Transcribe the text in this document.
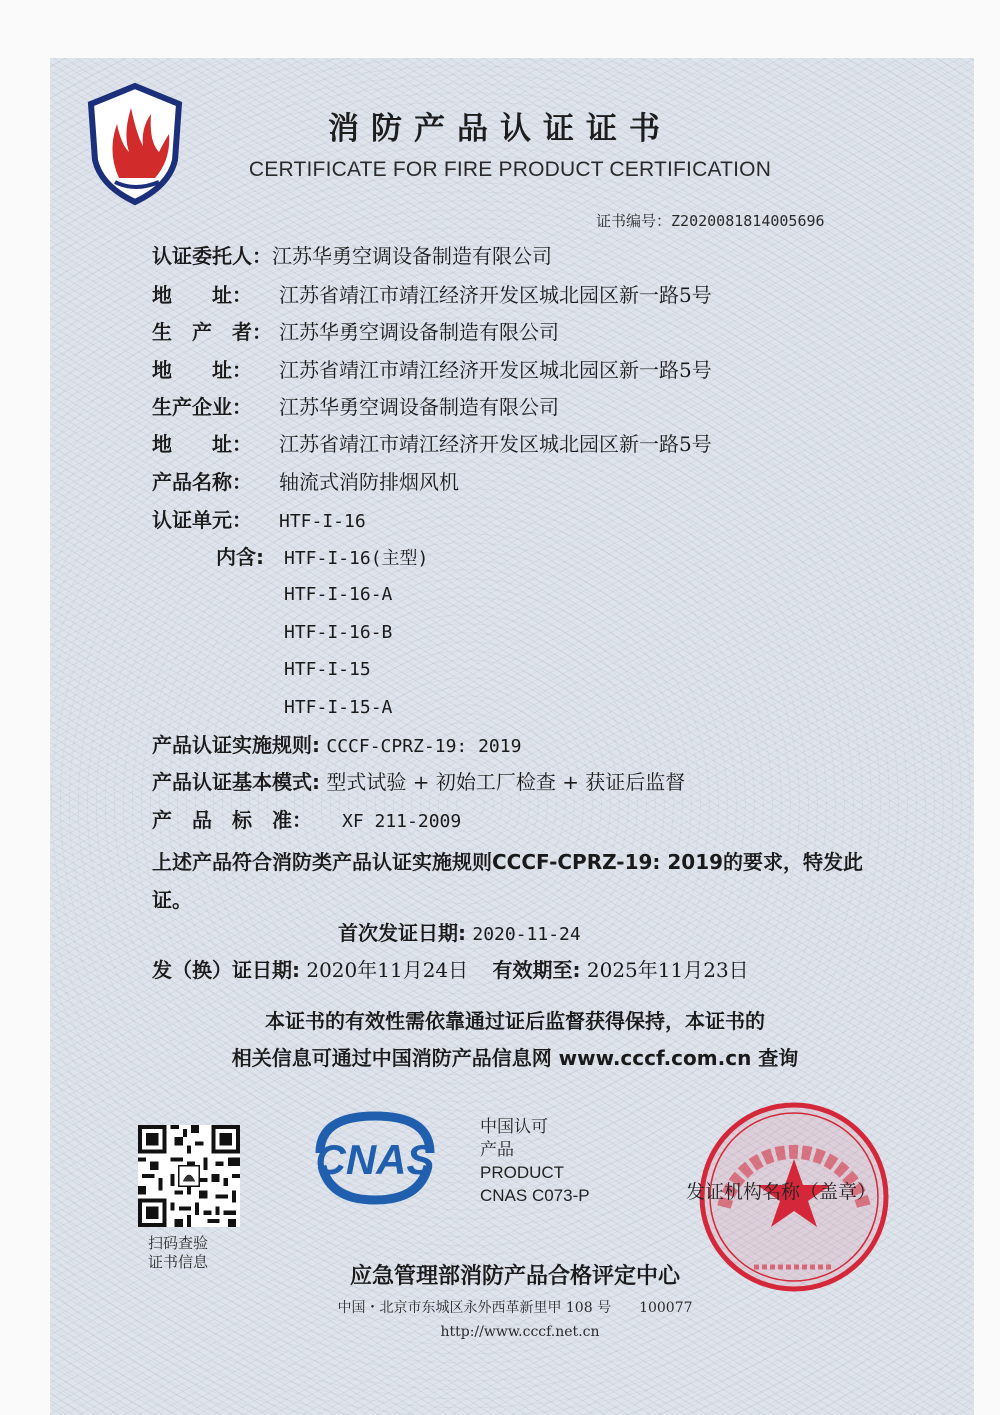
消防产品认证证书
CERTIFICATE FOR FIRE PRODUCT CERTIFICATION
证书编号：Z2020081814005696
认证委托人：江苏华勇空调设备制造有限公司
地　　址： 江苏省靖江市靖江经济开发区城北园区新一路5号
生　产　者： 江苏华勇空调设备制造有限公司
地　　址： 江苏省靖江市靖江经济开发区城北园区新一路5号
生产企业： 江苏华勇空调设备制造有限公司
地　　址： 江苏省靖江市靖江经济开发区城北园区新一路5号
产品名称： 轴流式消防排烟风机
认证单元： HTF-I-16
内含: HTF-I-16(主型)
HTF-I-16-A
HTF-I-16-B
HTF-I-15
HTF-I-15-A
产品认证实施规则: CCCF-CPRZ-19: 2019
产品认证基本模式: 型式试验 + 初始工厂检查 + 获证后监督
产　品　标　准： XF 211-2009
上述产品符合消防类产品认证实施规则CCCF-CPRZ-19: 2019的要求，特发此证。
首次发证日期: 2020-11-24
发（换）证日期: 2020年11月24日 有效期至: 2025年11月23日
本证书的有效性需依靠通过证后监督获得保持，本证书的
相关信息可通过中国消防产品信息网 www.cccf.com.cn 查询
扫码查验
证书信息
CNAS
中国认可
产品
PRODUCT
CNAS C073-P	发证机构名称（盖章）
应急管理部消防产品合格评定中心
中国・北京市东城区永外西革新里甲 108 号　　100077
http://www.cccf.net.cn
